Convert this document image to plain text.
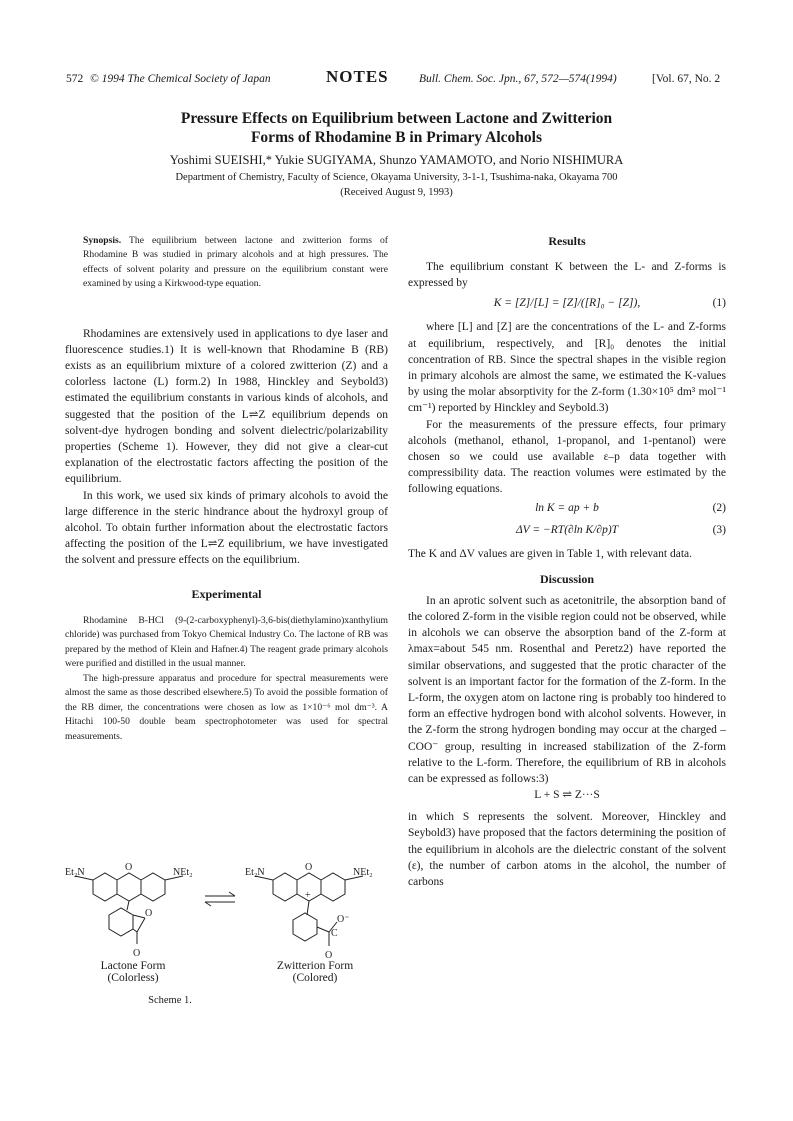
572 © 1994 The Chemical Society of Japan	NOTES	Bull. Chem. Soc. Jpn., 67, 572—574(1994)	[Vol. 67, No. 2
Pressure Effects on Equilibrium between Lactone and Zwitterion
Forms of Rhodamine B in Primary Alcohols
Yoshimi SUEISHI,* Yukie SUGIYAMA, Shunzo YAMAMOTO, and Norio NISHIMURA
Department of Chemistry, Faculty of Science, Okayama University, 3-1-1, Tsushima-naka, Okayama 700
(Received August 9, 1993)
Synopsis. The equilibrium between lactone and zwitterion forms of Rhodamine B was studied in primary alcohols and at high pressures. The effects of solvent polarity and pressure on the equilibrium constant were examined by using a Kirkwood-type equation.

Rhodamines are extensively used in applications to dye laser and fluorescence studies.1) It is well-known that Rhodamine B (RB) exists as an equilibrium mixture of a colored zwitterion (Z) and a colorless lactone (L) form.2) In 1988, Hinckley and Seybold3) estimated the equilibrium constants in various kinds of alcohols, and suggested that the position of the L⇌Z equilibrium depends on solvent-dye hydrogen bonding and solvent dielectric/polarizability properties (Scheme 1). However, they did not give a clear-cut explanation of the electrostatic factors affecting the position of the equilibrium.

In this work, we used six kinds of primary alcohols to avoid the large difference in the steric hindrance about the hydroxyl group of alcohol. To obtain further information about the electrostatic factors affecting the position of the L⇌Z equilibrium, we have investigated the solvent and pressure effects on the equilibrium.

Experimental

Rhodamine B-HCl (9-(2-carboxyphenyl)-3,6-bis(diethylamino)xanthylium chloride) was purchased from Tokyo Chemical Industry Co. The lactone of RB was prepared by the method of Klein and Hafner.4) The reagent grade primary alcohols were purified and distilled in the usual manner.

The high-pressure apparatus and procedure for spectral measurements were almost the same as those described elsewhere.5) To avoid the possible formation of the RB dimer, the concentrations were chosen as low as 1×10⁻⁶ mol dm⁻³. A Hitachi 100-50 double beam spectrophotometer was used for spectral measurements.

Et₂N	NEt₂
O
O
O
Et₂N	NEt₂
O
+
O⁻
C
O
Lactone Form
(Colorless)
Zwitterion Form
(Colored)
Scheme 1.
Results

The equilibrium constant K between the L- and Z-forms is expressed by

K = [Z]/[L] = [Z]/([R]₀ − [Z]),	(1)

where [L] and [Z] are the concentrations of the L- and Z-forms at equilibrium, respectively, and [R]₀ denotes the initial concentration of RB. Since the spectral shapes in the visible region in primary alcohols are almost the same, we estimated the K-values by using the molar absorptivity for the Z-form (1.30×10⁵ dm³ mol⁻¹ cm⁻¹) reported by Hinckley and Seybold.3)

For the measurements of the pressure effects, four primary alcohols (methanol, ethanol, 1-propanol, and 1-pentanol) were chosen so we could use available ε–p data together with compressibility data. The reaction volumes were estimated by the following equations.

ln K = ap + b	(2)
ΔV = −RT(∂ln K/∂p)T	(3)

The K and ΔV values are given in Table 1, with relevant data.

Discussion

In an aprotic solvent such as acetonitrile, the absorption band of the colored Z-form in the visible region could not be observed, while in alcohols we can observe the absorption band of the Z-form at λmax=about 545 nm. Rosenthal and Peretz2) have reported the similar observations, and suggested that the protic character of the solvent is an important factor for the formation of the Z-form. In the L-form, the oxygen atom on lactone ring is probably too hindered to form an effective hydrogen bond with alcohol solvents. However, in the Z-form the strong hydrogen bonding may occur at the charged –COO⁻ group, resulting in increased stabilization of the Z-form relative to the L-form. Therefore, the equilibrium of RB in alcohols can be expressed as follows:3)

L + S ⇌ Z···S

in which S represents the solvent. Moreover, Hinckley and Seybold3) have proposed that the factors determining the position of the equilibrium in alcohols are the dielectric constant of the solvent (ε), the number of carbon atoms in the alcohol, the number of carbons
